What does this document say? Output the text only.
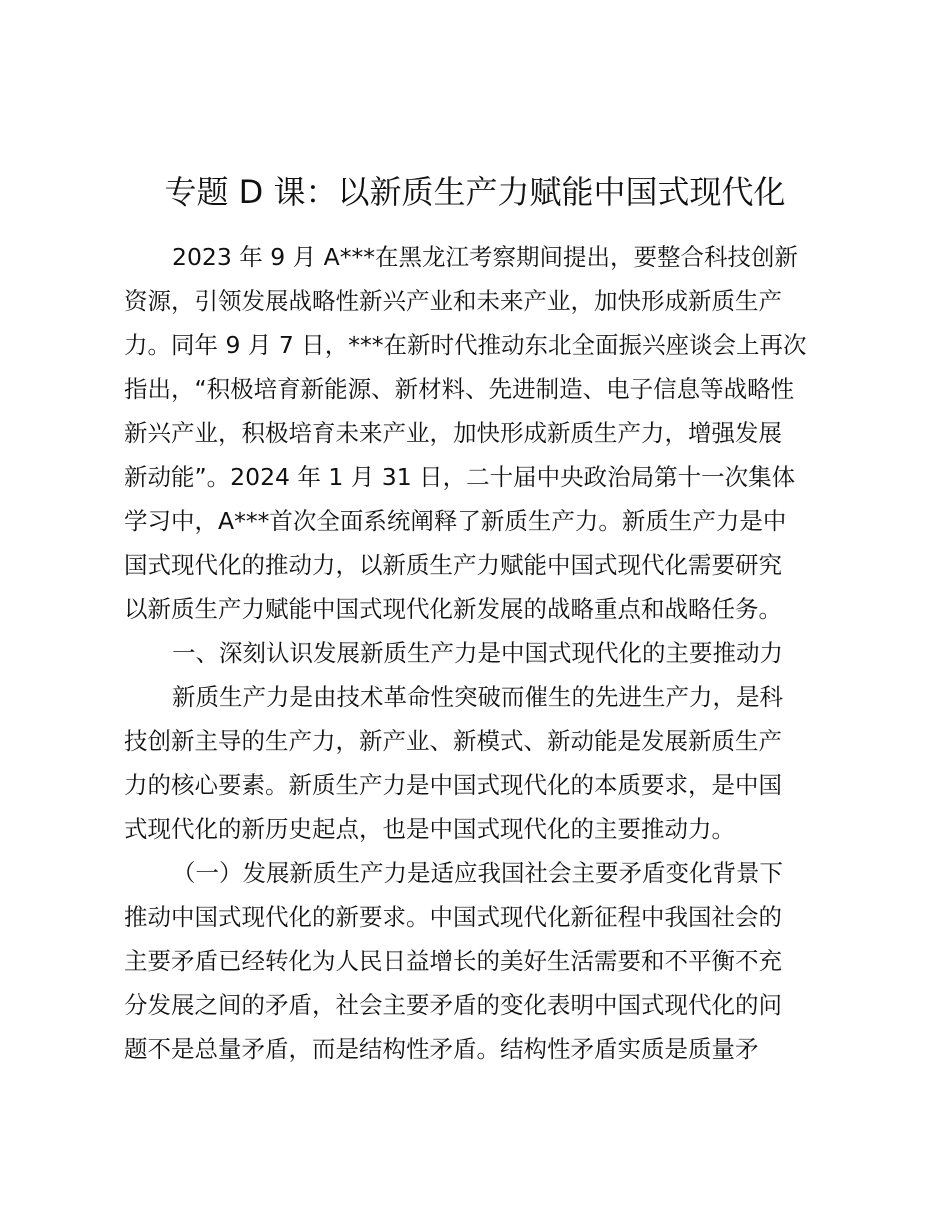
专题 D 课：以新质生产力赋能中国式现代化
2023 年 9 月 A***在黑龙江考察期间提出，要整合科技创新
资源，引领发展战略性新兴产业和未来产业，加快形成新质生产
力。同年 9 月 7 日，***在新时代推动东北全面振兴座谈会上再次
指出，“积极培育新能源、新材料、先进制造、电子信息等战略性
新兴产业，积极培育未来产业，加快形成新质生产力，增强发展
新动能”。2024 年 1 月 31 日，二十届中央政治局第十一次集体
学习中，A***首次全面系统阐释了新质生产力。新质生产力是中
国式现代化的推动力，以新质生产力赋能中国式现代化需要研究
以新质生产力赋能中国式现代化新发展的战略重点和战略任务。
一、深刻认识发展新质生产力是中国式现代化的主要推动力
新质生产力是由技术革命性突破而催生的先进生产力，是科
技创新主导的生产力，新产业、新模式、新动能是发展新质生产
力的核心要素。新质生产力是中国式现代化的本质要求，是中国
式现代化的新历史起点，也是中国式现代化的主要推动力。
（一）发展新质生产力是适应我国社会主要矛盾变化背景下
推动中国式现代化的新要求。中国式现代化新征程中我国社会的
主要矛盾已经转化为人民日益增长的美好生活需要和不平衡不充
分发展之间的矛盾，社会主要矛盾的变化表明中国式现代化的问
题不是总量矛盾，而是结构性矛盾。结构性矛盾实质是质量矛
